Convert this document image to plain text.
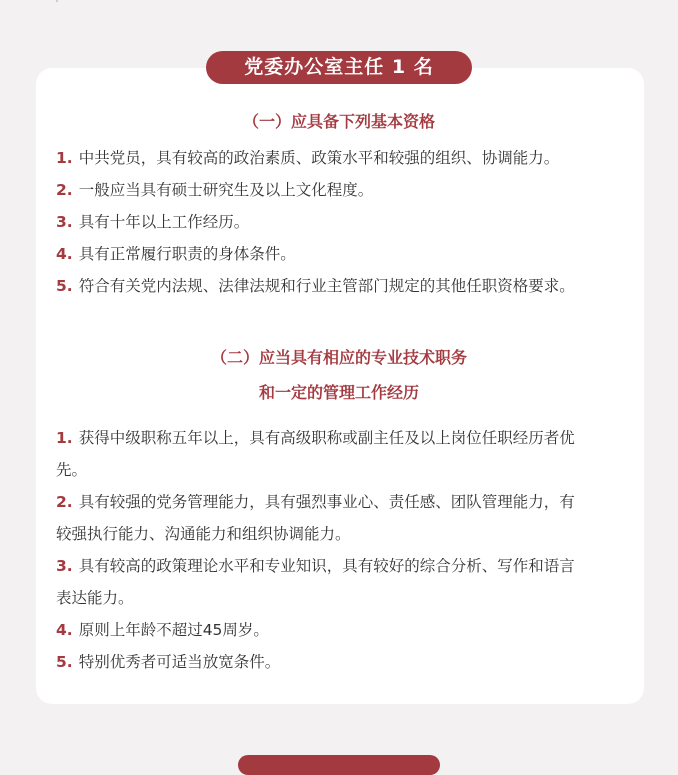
党委办公室主任 1 名
（一）应具备下列基本资格
1. 中共党员，具有较高的政治素质、政策水平和较强的组织、协调能力。
2. 一般应当具有硕士研究生及以上文化程度。
3. 具有十年以上工作经历。
4. 具有正常履行职责的身体条件。
5. 符合有关党内法规、法律法规和行业主管部门规定的其他任职资格要求。
（二）应当具有相应的专业技术职务
和一定的管理工作经历
1. 获得中级职称五年以上，具有高级职称或副主任及以上岗位任职经历者优
先。
2. 具有较强的党务管理能力，具有强烈事业心、责任感、团队管理能力，有
较强执行能力、沟通能力和组织协调能力。
3. 具有较高的政策理论水平和专业知识，具有较好的综合分析、写作和语言
表达能力。
4. 原则上年龄不超过45周岁。
5. 特别优秀者可适当放宽条件。
